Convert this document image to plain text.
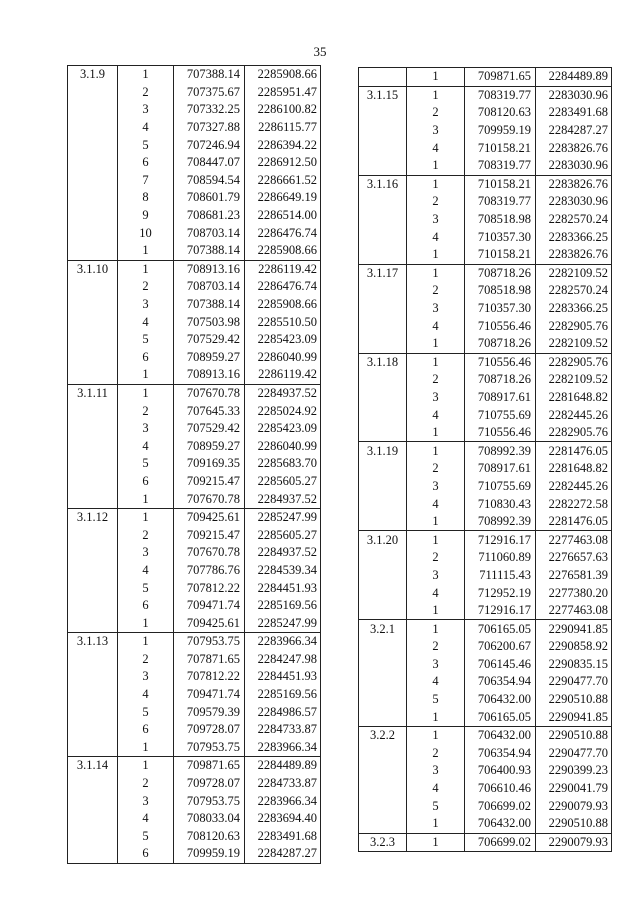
35
3.1.9	1	707388.14	2285908.66
	2	707375.67	2285951.47
	3	707332.25	2286100.82
	4	707327.88	2286115.77
	5	707246.94	2286394.22
	6	708447.07	2286912.50
	7	708594.54	2286661.52
	8	708601.79	2286649.19
	9	708681.23	2286514.00
	10	708703.14	2286476.74
	1	707388.14	2285908.66
3.1.10	1	708913.16	2286119.42
	2	708703.14	2286476.74
	3	707388.14	2285908.66
	4	707503.98	2285510.50
	5	707529.42	2285423.09
	6	708959.27	2286040.99
	1	708913.16	2286119.42
3.1.11	1	707670.78	2284937.52
	2	707645.33	2285024.92
	3	707529.42	2285423.09
	4	708959.27	2286040.99
	5	709169.35	2285683.70
	6	709215.47	2285605.27
	1	707670.78	2284937.52
3.1.12	1	709425.61	2285247.99
	2	709215.47	2285605.27
	3	707670.78	2284937.52
	4	707786.76	2284539.34
	5	707812.22	2284451.93
	6	709471.74	2285169.56
	1	709425.61	2285247.99
3.1.13	1	707953.75	2283966.34
	2	707871.65	2284247.98
	3	707812.22	2284451.93
	4	709471.74	2285169.56
	5	709579.39	2284986.57
	6	709728.07	2284733.87
	1	707953.75	2283966.34
3.1.14	1	709871.65	2284489.89
	2	709728.07	2284733.87
	3	707953.75	2283966.34
	4	708033.04	2283694.40
	5	708120.63	2283491.68
	6	709959.19	2284287.27
	1	709871.65	2284489.89
3.1.15	1	708319.77	2283030.96
	2	708120.63	2283491.68
	3	709959.19	2284287.27
	4	710158.21	2283826.76
	1	708319.77	2283030.96
3.1.16	1	710158.21	2283826.76
	2	708319.77	2283030.96
	3	708518.98	2282570.24
	4	710357.30	2283366.25
	1	710158.21	2283826.76
3.1.17	1	708718.26	2282109.52
	2	708518.98	2282570.24
	3	710357.30	2283366.25
	4	710556.46	2282905.76
	1	708718.26	2282109.52
3.1.18	1	710556.46	2282905.76
	2	708718.26	2282109.52
	3	708917.61	2281648.82
	4	710755.69	2282445.26
	1	710556.46	2282905.76
3.1.19	1	708992.39	2281476.05
	2	708917.61	2281648.82
	3	710755.69	2282445.26
	4	710830.43	2282272.58
	1	708992.39	2281476.05
3.1.20	1	712916.17	2277463.08
	2	711060.89	2276657.63
	3	711115.43	2276581.39
	4	712952.19	2277380.20
	1	712916.17	2277463.08
3.2.1	1	706165.05	2290941.85
	2	706200.67	2290858.92
	3	706145.46	2290835.15
	4	706354.94	2290477.70
	5	706432.00	2290510.88
	1	706165.05	2290941.85
3.2.2	1	706432.00	2290510.88
	2	706354.94	2290477.70
	3	706400.93	2290399.23
	4	706610.46	2290041.79
	5	706699.02	2290079.93
	1	706432.00	2290510.88
3.2.3	1	706699.02	2290079.93
